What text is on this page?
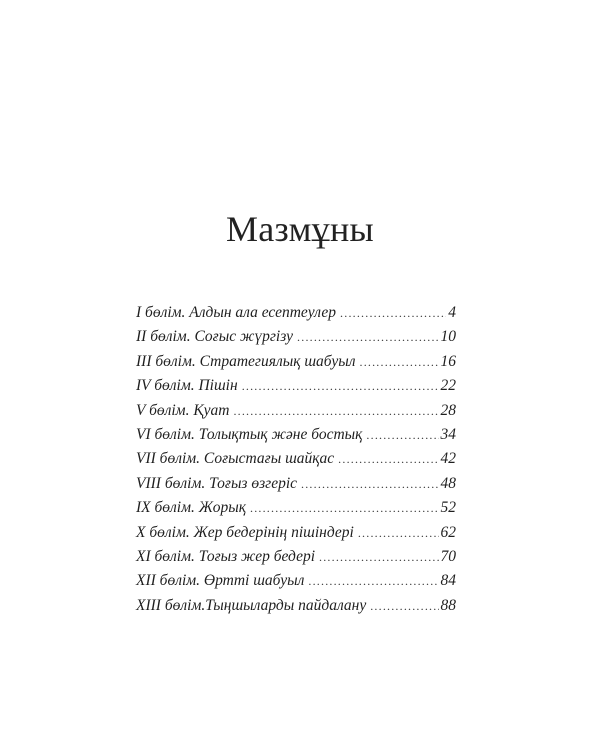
Мазмұны
I бөлім. Алдын ала есептеулер .....	4
II бөлім. Соғыс жүргізу .....	10
III бөлім. Стратегиялық шабуыл .....	16
IV бөлім. Пішін .....	22
V бөлім. Қуат .....	28
VI бөлім. Толықтық және бостық .....	34
VII бөлім. Соғыстағы шайқас .....	42
VIII бөлім. Тоғыз өзгеріс .....	48
IX бөлім. Жорық .....	52
X бөлім. Жер бедерінің пішіндері .....	62
XI бөлім. Тоғыз жер бедері .....	70
XII бөлім. Өртті шабуыл .....	84
XIII бөлім.Тыңшыларды пайдалану .....	88
